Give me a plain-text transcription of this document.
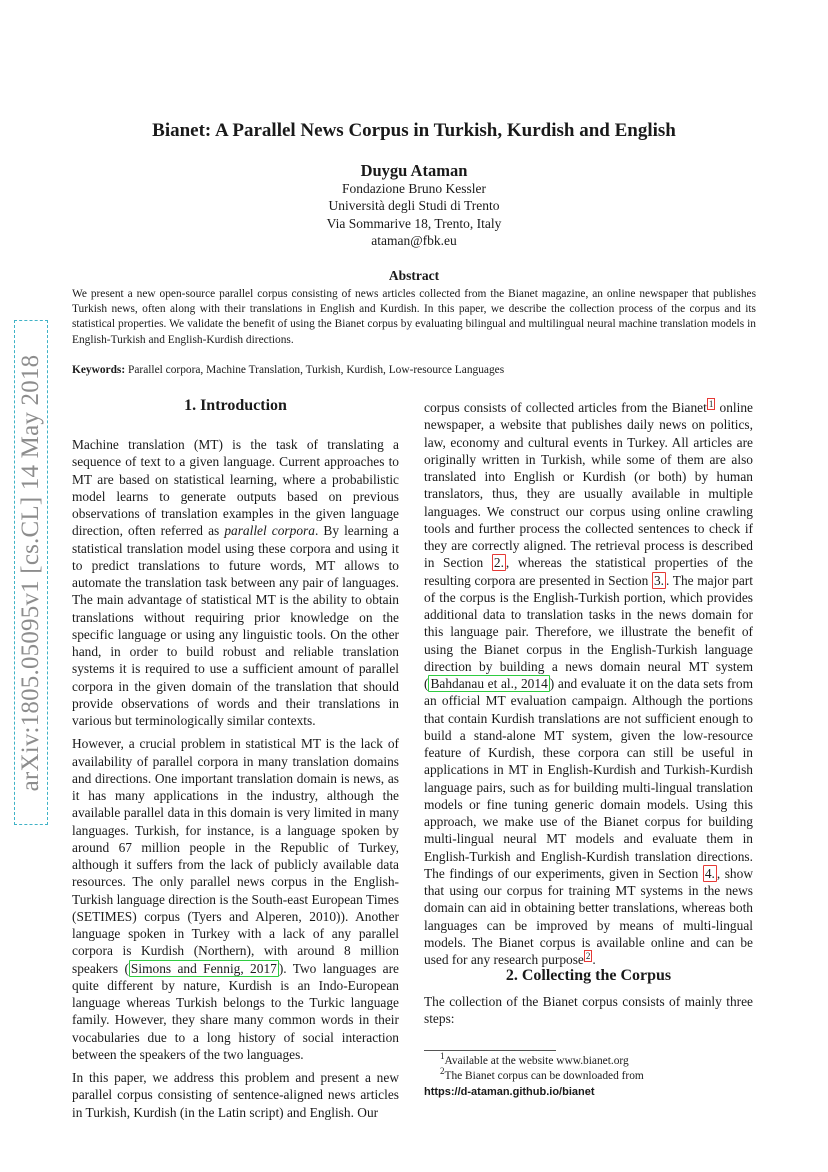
arXiv:1805.05095v1 [cs.CL] 14 May 2018
Bianet: A Parallel News Corpus in Turkish, Kurdish and English
Duygu Ataman
Fondazione Bruno Kessler
Università degli Studi di Trento
Via Sommarive 18, Trento, Italy
ataman@fbk.eu
Abstract
We present a new open-source parallel corpus consisting of news articles collected from the Bianet magazine, an online newspaper that publishes Turkish news, often along with their translations in English and Kurdish. In this paper, we describe the collection process of the corpus and its statistical properties. We validate the benefit of using the Bianet corpus by evaluating bilingual and multilingual neural machine translation models in English-Turkish and English-Kurdish directions.
Keywords: Parallel corpora, Machine Translation, Turkish, Kurdish, Low-resource Languages
1. Introduction

Machine translation (MT) is the task of translating a sequence of text to a given language. Current approaches to MT are based on statistical learning, where a probabilistic model learns to generate outputs based on previous observations of translation examples in the given language direction, often referred as parallel corpora. By learning a statistical translation model using these corpora and using it to predict translations to future words, MT allows to automate the translation task between any pair of languages. The main advantage of statistical MT is the ability to obtain translations without requiring prior knowledge on the specific language or using any linguistic tools. On the other hand, in order to build robust and reliable translation systems it is required to use a sufficient amount of parallel corpora in the given domain of the translation that should provide observations of words and their translations in various but terminologically similar contexts.

However, a crucial problem in statistical MT is the lack of availability of parallel corpora in many translation domains and directions. One important translation domain is news, as it has many applications in the industry, although the available parallel data in this domain is very limited in many languages. Turkish, for instance, is a language spoken by around 67 million people in the Republic of Turkey, although it suffers from the lack of publicly available data resources. The only parallel news corpus in the English-Turkish language direction is the South-east European Times (SETIMES) corpus (Tyers and Alperen, 2010)). Another language spoken in Turkey with a lack of any parallel corpora is Kurdish (Northern), with around 8 million speakers ( Simons and Fennig, 2017 ). Two languages are quite different by nature, Kurdish is an Indo-European language whereas Turkish belongs to the Turkic language family. However, they share many common words in their vocabularies due to a long history of social interaction between the speakers of the two languages.

In this paper, we address this problem and present a new parallel corpus consisting of sentence-aligned news articles in Turkish, Kurdish (in the Latin script) and English. Our

corpus consists of collected articles from the Bianet $^1$ online newspaper, a website that publishes daily news on politics, law, economy and cultural events in Turkey. All articles are originally written in Turkish, while some of them are also translated into English or Kurdish (or both) by human translators, thus, they are usually available in multiple languages. We construct our corpus using online crawling tools and further process the collected sentences to check if they are correctly aligned. The retrieval process is described in Section 2. , whereas the statistical properties of the resulting corpora are presented in Section 3. . The major part of the corpus is the English-Turkish portion, which provides additional data to translation tasks in the news domain for this language pair. Therefore, we illustrate the benefit of using the Bianet corpus in the English-Turkish language direction by building a news domain neural MT system ( Bahdanau et al., 2014 ) and evaluate it on the data sets from an official MT evaluation campaign. Although the portions that contain Kurdish translations are not sufficient enough to build a stand-alone MT system, given the low-resource feature of Kurdish, these corpora can still be useful in applications in MT in English-Kurdish and Turkish-Kurdish language pairs, such as for building multi-lingual translation models or fine tuning generic domain models. Using this approach, we make use of the Bianet corpus for building multi-lingual neural MT models and evaluate them in English-Turkish and English-Kurdish translation directions. The findings of our experiments, given in Section 4. , show that using our corpus for training MT systems in the news domain can aid in obtaining better translations, whereas both languages can be improved by means of multi-lingual models. The Bianet corpus is available online and can be used for any research purpose $^2$ .

2. Collecting the Corpus
The collection of the Bianet corpus consists of mainly three steps:
$^1$Available at the website www.bianet.org
$^2$The Bianet corpus can be downloaded from
https://d-ataman.github.io/bianet
